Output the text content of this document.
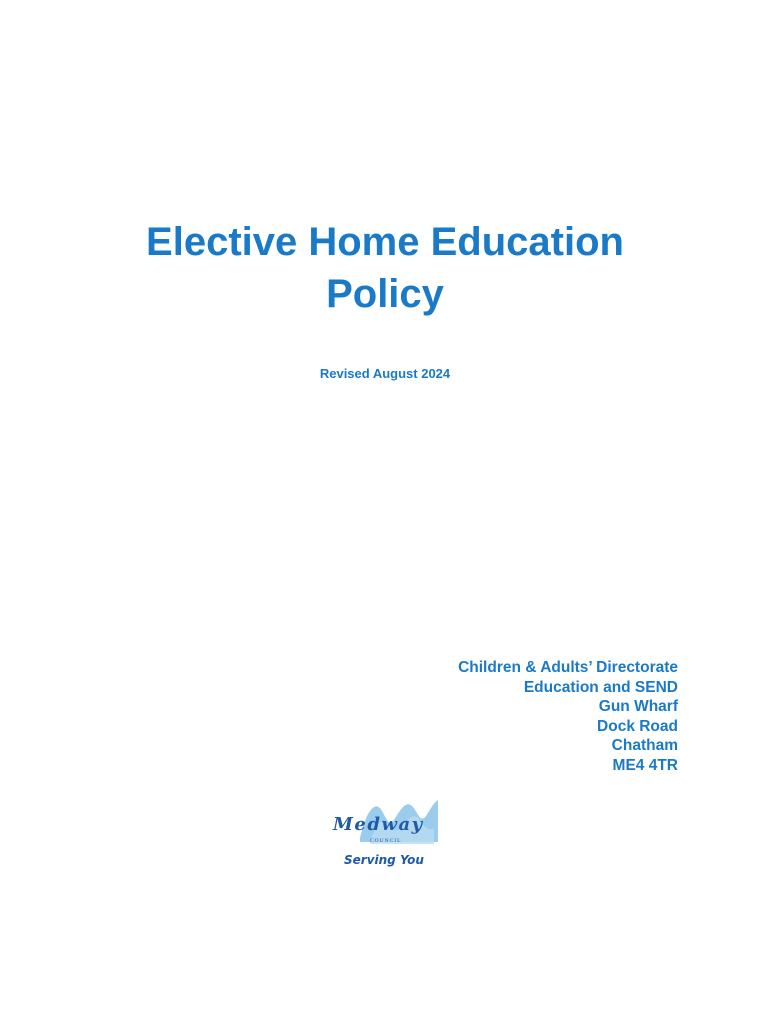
Elective Home Education
Policy
Revised August 2024
Children & Adults’ Directorate
Education and SEND
Gun Wharf
Dock Road
Chatham
ME4 4TR
Medway
COUNCIL
Serving You
